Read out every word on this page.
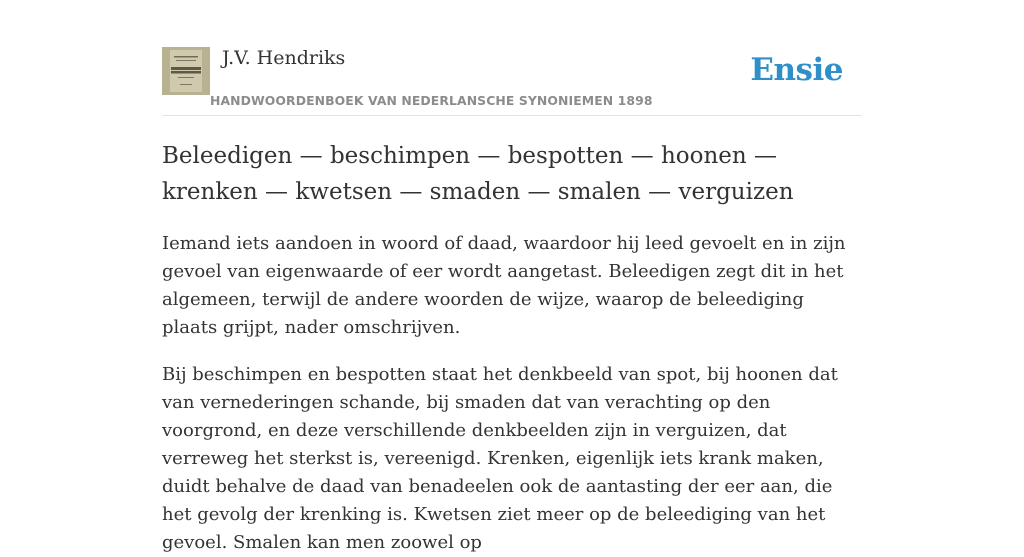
J.V. Hendriks
HANDWOORDENBOEK VAN NEDERLANSCHE SYNONIEMEN 1898
Ensie
Beleedigen — beschimpen — bespotten — hoonen — krenken — kwetsen — smaden — smalen — verguizen

Iemand iets aandoen in woord of daad, waardoor hij leed gevoelt en in zijn gevoel van eigenwaarde of eer wordt aangetast. Beleedigen zegt dit in het algemeen, terwijl de andere woorden de wijze, waarop de beleediging plaats grijpt, nader omschrijven.

Bij beschimpen en bespotten staat het denkbeeld van spot, bij hoonen dat van vernederingen schande, bij smaden dat van verachting op den voorgrond, en deze verschillende denkbeelden zijn in verguizen, dat verreweg het sterkst is, vereenigd. Krenken, eigenlijk iets krank maken, duidt behalve de daad van benadeelen ook de aantasting der eer aan, die het gevolg der krenking is. Kwetsen ziet meer op de beleediging van het gevoel. Smalen kan men zoowel op
